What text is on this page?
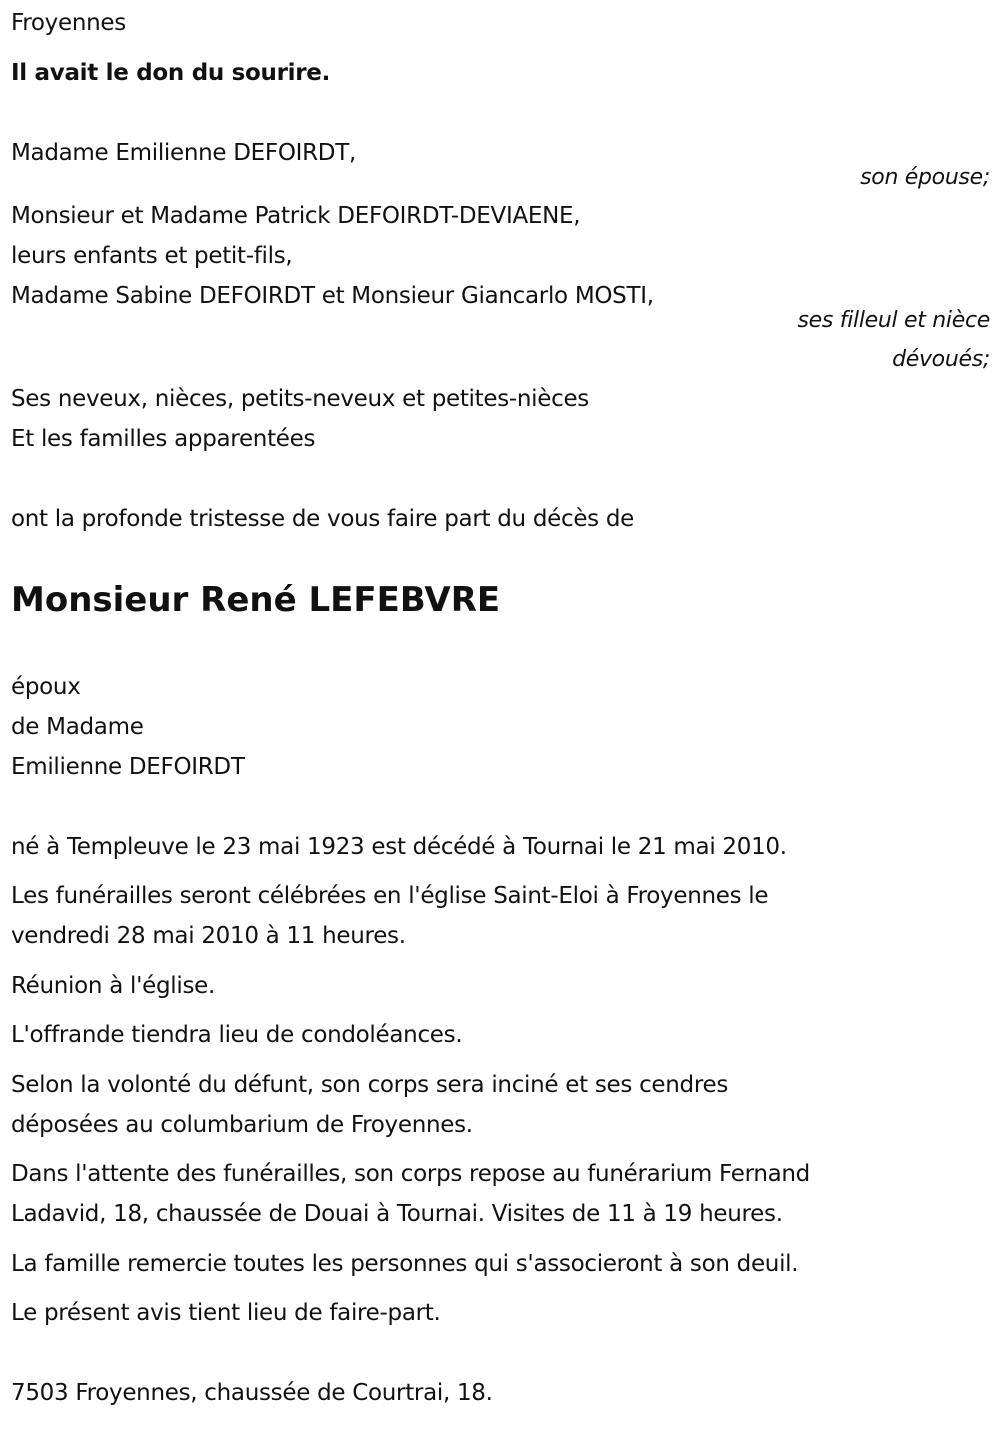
Froyennes
Il avait le don du sourire.
Madame Emilienne DEFOIRDT,
son épouse;
Monsieur et Madame Patrick DEFOIRDT-DEVIAENE,
leurs enfants et petit-fils,
Madame Sabine DEFOIRDT et Monsieur Giancarlo MOSTI,
ses filleul et nièce
dévoués;
Ses neveux, nièces, petits-neveux et petites-nièces
Et les familles apparentées
ont la profonde tristesse de vous faire part du décès de
Monsieur René LEFEBVRE
époux
de Madame
Emilienne DEFOIRDT
né à Templeuve le 23 mai 1923 est décédé à Tournai le 21 mai 2010.
Les funérailles seront célébrées en l'église Saint-Eloi à Froyennes le
vendredi 28 mai 2010 à 11 heures.
Réunion à l'église.
L'offrande tiendra lieu de condoléances.
Selon la volonté du défunt, son corps sera inciné et ses cendres
déposées au columbarium de Froyennes.
Dans l'attente des funérailles, son corps repose au funérarium Fernand
Ladavid, 18, chaussée de Douai à Tournai. Visites de 11 à 19 heures.
La famille remercie toutes les personnes qui s'associeront à son deuil.
Le présent avis tient lieu de faire-part.
7503 Froyennes, chaussée de Courtrai, 18.
